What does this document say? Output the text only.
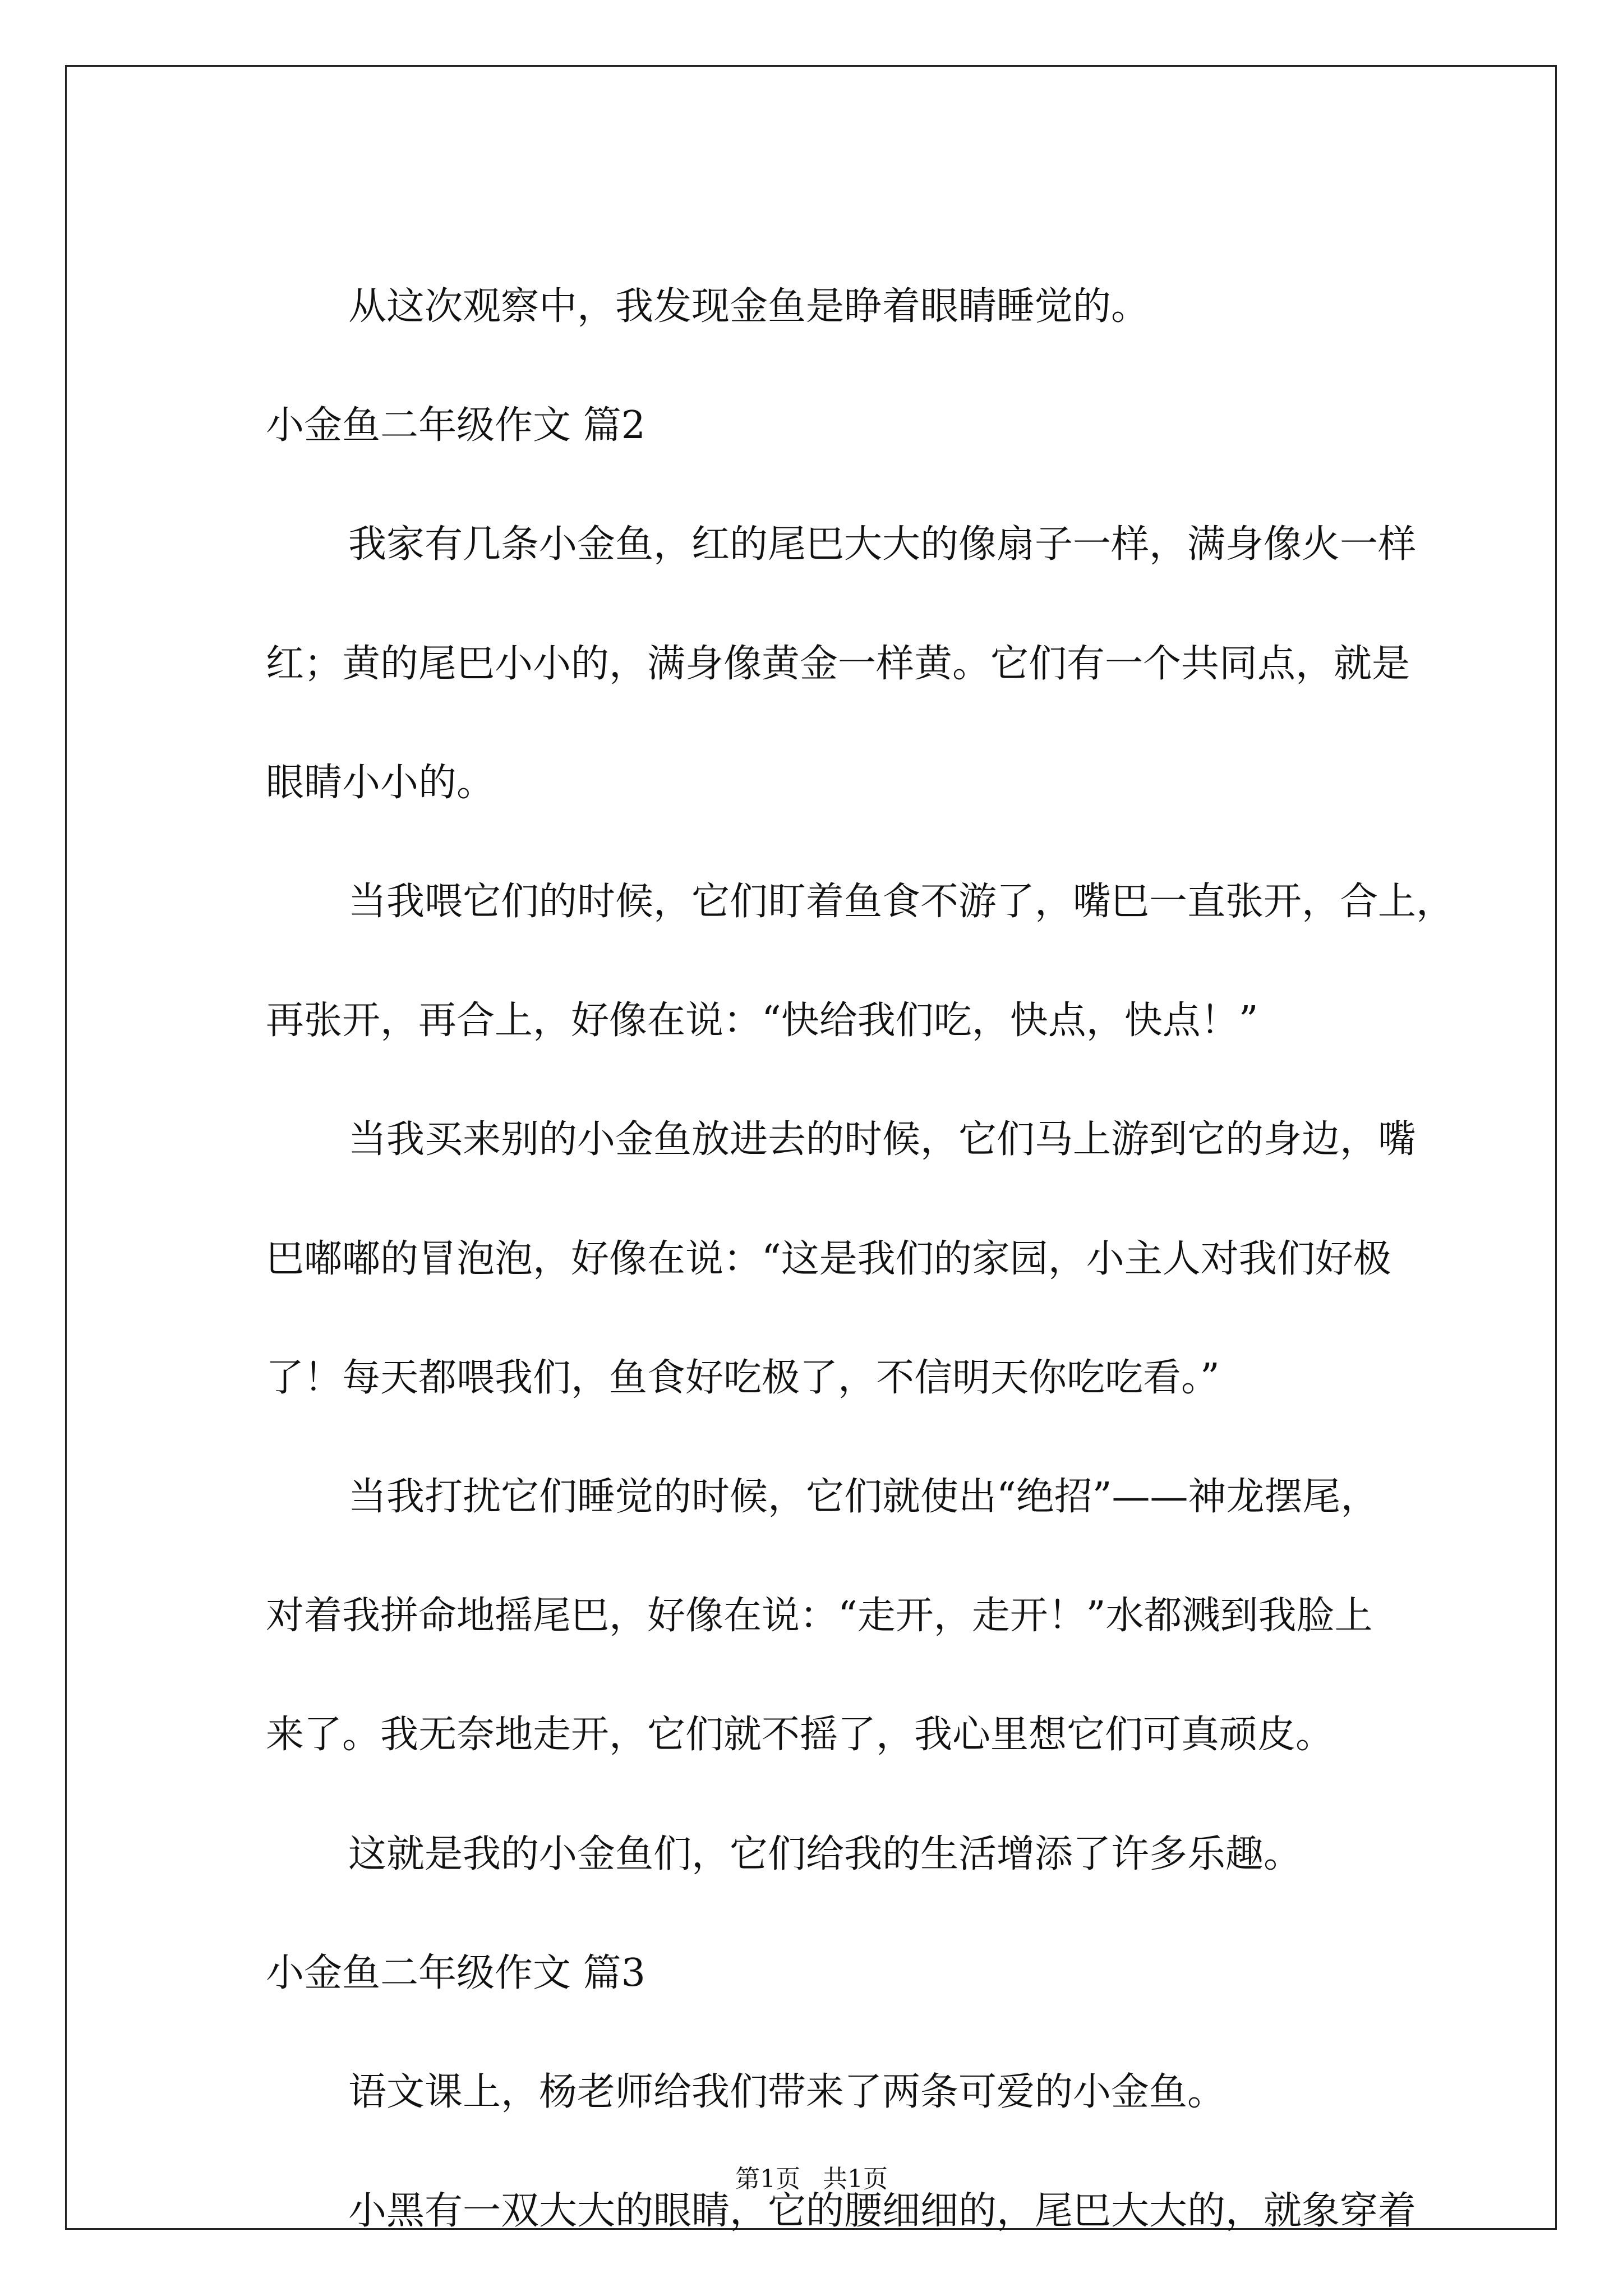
从这次观察中，我发现金鱼是睁着眼睛睡觉的。
小金鱼二年级作文 篇2
我家有几条小金鱼，红的尾巴大大的像扇子一样，满身像火一样
红；黄的尾巴小小的，满身像黄金一样黄。它们有一个共同点，就是
眼睛小小的。
当我喂它们的时候，它们盯着鱼食不游了，嘴巴一直张开，合上，
再张开，再合上，好像在说：“快给我们吃，快点，快点！”
当我买来别的小金鱼放进去的时候，它们马上游到它的身边，嘴
巴嘟嘟的冒泡泡，好像在说：“这是我们的家园，小主人对我们好极
了！每天都喂我们，鱼食好吃极了，不信明天你吃吃看。”
当我打扰它们睡觉的时候，它们就使出“绝招”——神龙摆尾，
对着我拼命地摇尾巴，好像在说：“走开，走开！”水都溅到我脸上
来了。我无奈地走开，它们就不摇了，我心里想它们可真顽皮。
这就是我的小金鱼们，它们给我的生活增添了许多乐趣。
小金鱼二年级作文 篇3
语文课上，杨老师给我们带来了两条可爱的小金鱼。
小黑有一双大大的眼睛，它的腰细细的，尾巴大大的，就象穿着
第1页 共1页
